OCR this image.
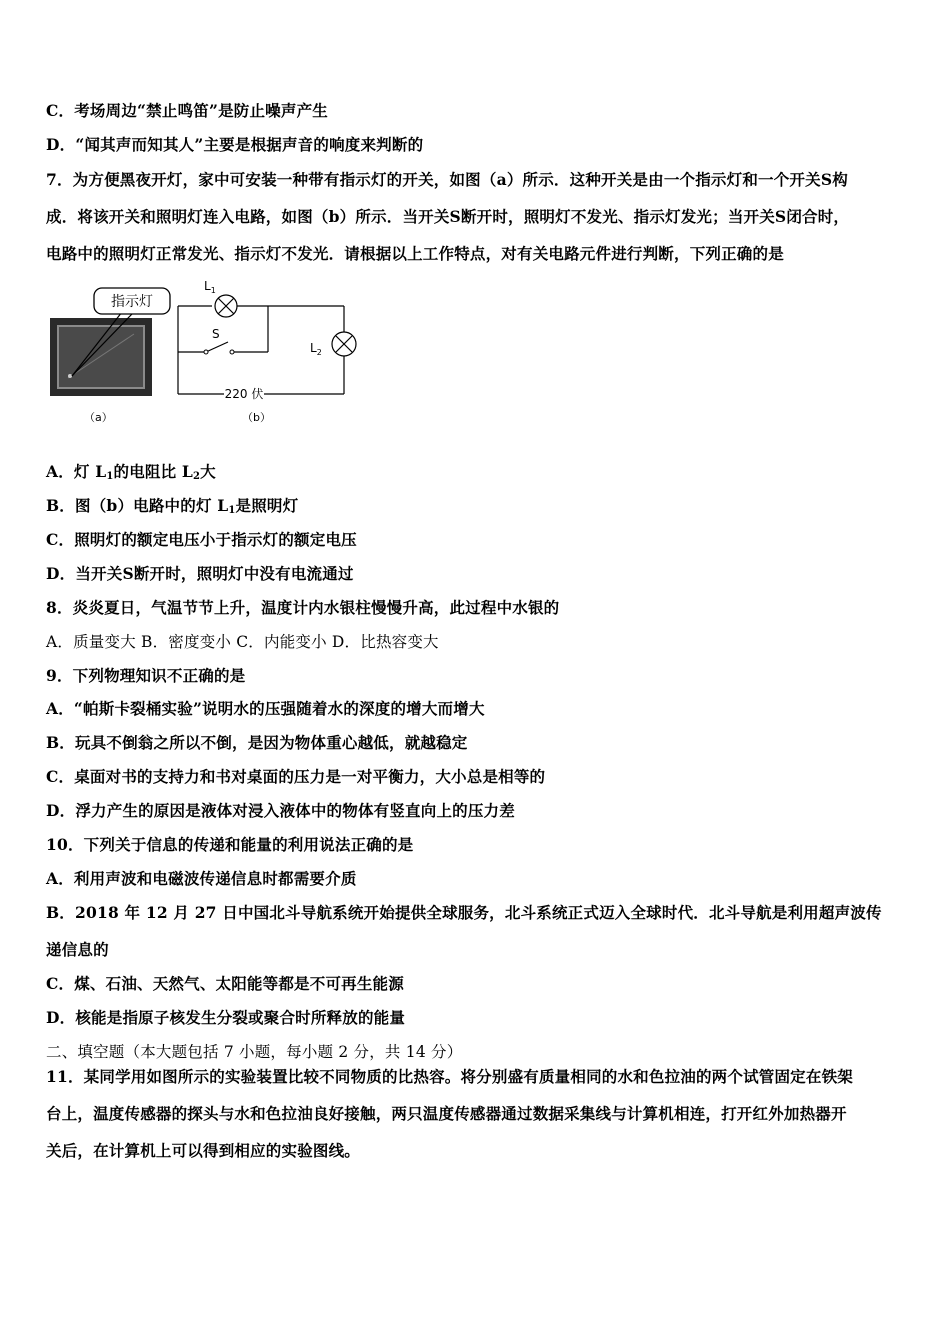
C．考场周边“禁止鸣笛”是防止噪声产生
D．“闻其声而知其人”主要是根据声音的响度来判断的
7．为方便黑夜开灯，家中可安装一种带有指示灯的开关，如图（a）所示．这种开关是由一个指示灯和一个开关S构
成．将该开关和照明灯连入电路，如图（b）所示．当开关S断开时，照明灯不发光、指示灯发光；当开关S闭合时，
电路中的照明灯正常发光、指示灯不发光．请根据以上工作特点，对有关电路元件进行判断，下列正确的是
指示灯
$L_1$
S
$L_2$
220 伏
（a）	（b）
A．灯 $L_1$的电阻比 $L_2$大
B．图（b）电路中的灯 $L_1$是照明灯
C．照明灯的额定电压小于指示灯的额定电压
D．当开关S断开时，照明灯中没有电流通过
8．炎炎夏日，气温节节上升，温度计内水银柱慢慢升高，此过程中水银的
A．质量变大 B．密度变小 C．内能变小 D．比热容变大
9．下列物理知识不正确的是
A．“帕斯卡裂桶实验”说明水的压强随着水的深度的增大而增大
B．玩具不倒翁之所以不倒，是因为物体重心越低，就越稳定
C．桌面对书的支持力和书对桌面的压力是一对平衡力，大小总是相等的
D．浮力产生的原因是液体对浸入液体中的物体有竖直向上的压力差
10．下列关于信息的传递和能量的利用说法正确的是
A．利用声波和电磁波传递信息时都需要介质
B．2018 年 12 月 27 日中国北斗导航系统开始提供全球服务，北斗系统正式迈入全球时代．北斗导航是利用超声波传
递信息的
C．煤、石油、天然气、太阳能等都是不可再生能源
D．核能是指原子核发生分裂或聚合时所释放的能量
二、填空题（本大题包括 7 小题，每小题 2 分，共 14 分）
11．某同学用如图所示的实验装置比较不同物质的比热容。将分别盛有质量相同的水和色拉油的两个试管固定在铁架
台上，温度传感器的探头与水和色拉油良好接触，两只温度传感器通过数据采集线与计算机相连，打开红外加热器开
关后，在计算机上可以得到相应的实验图线。
